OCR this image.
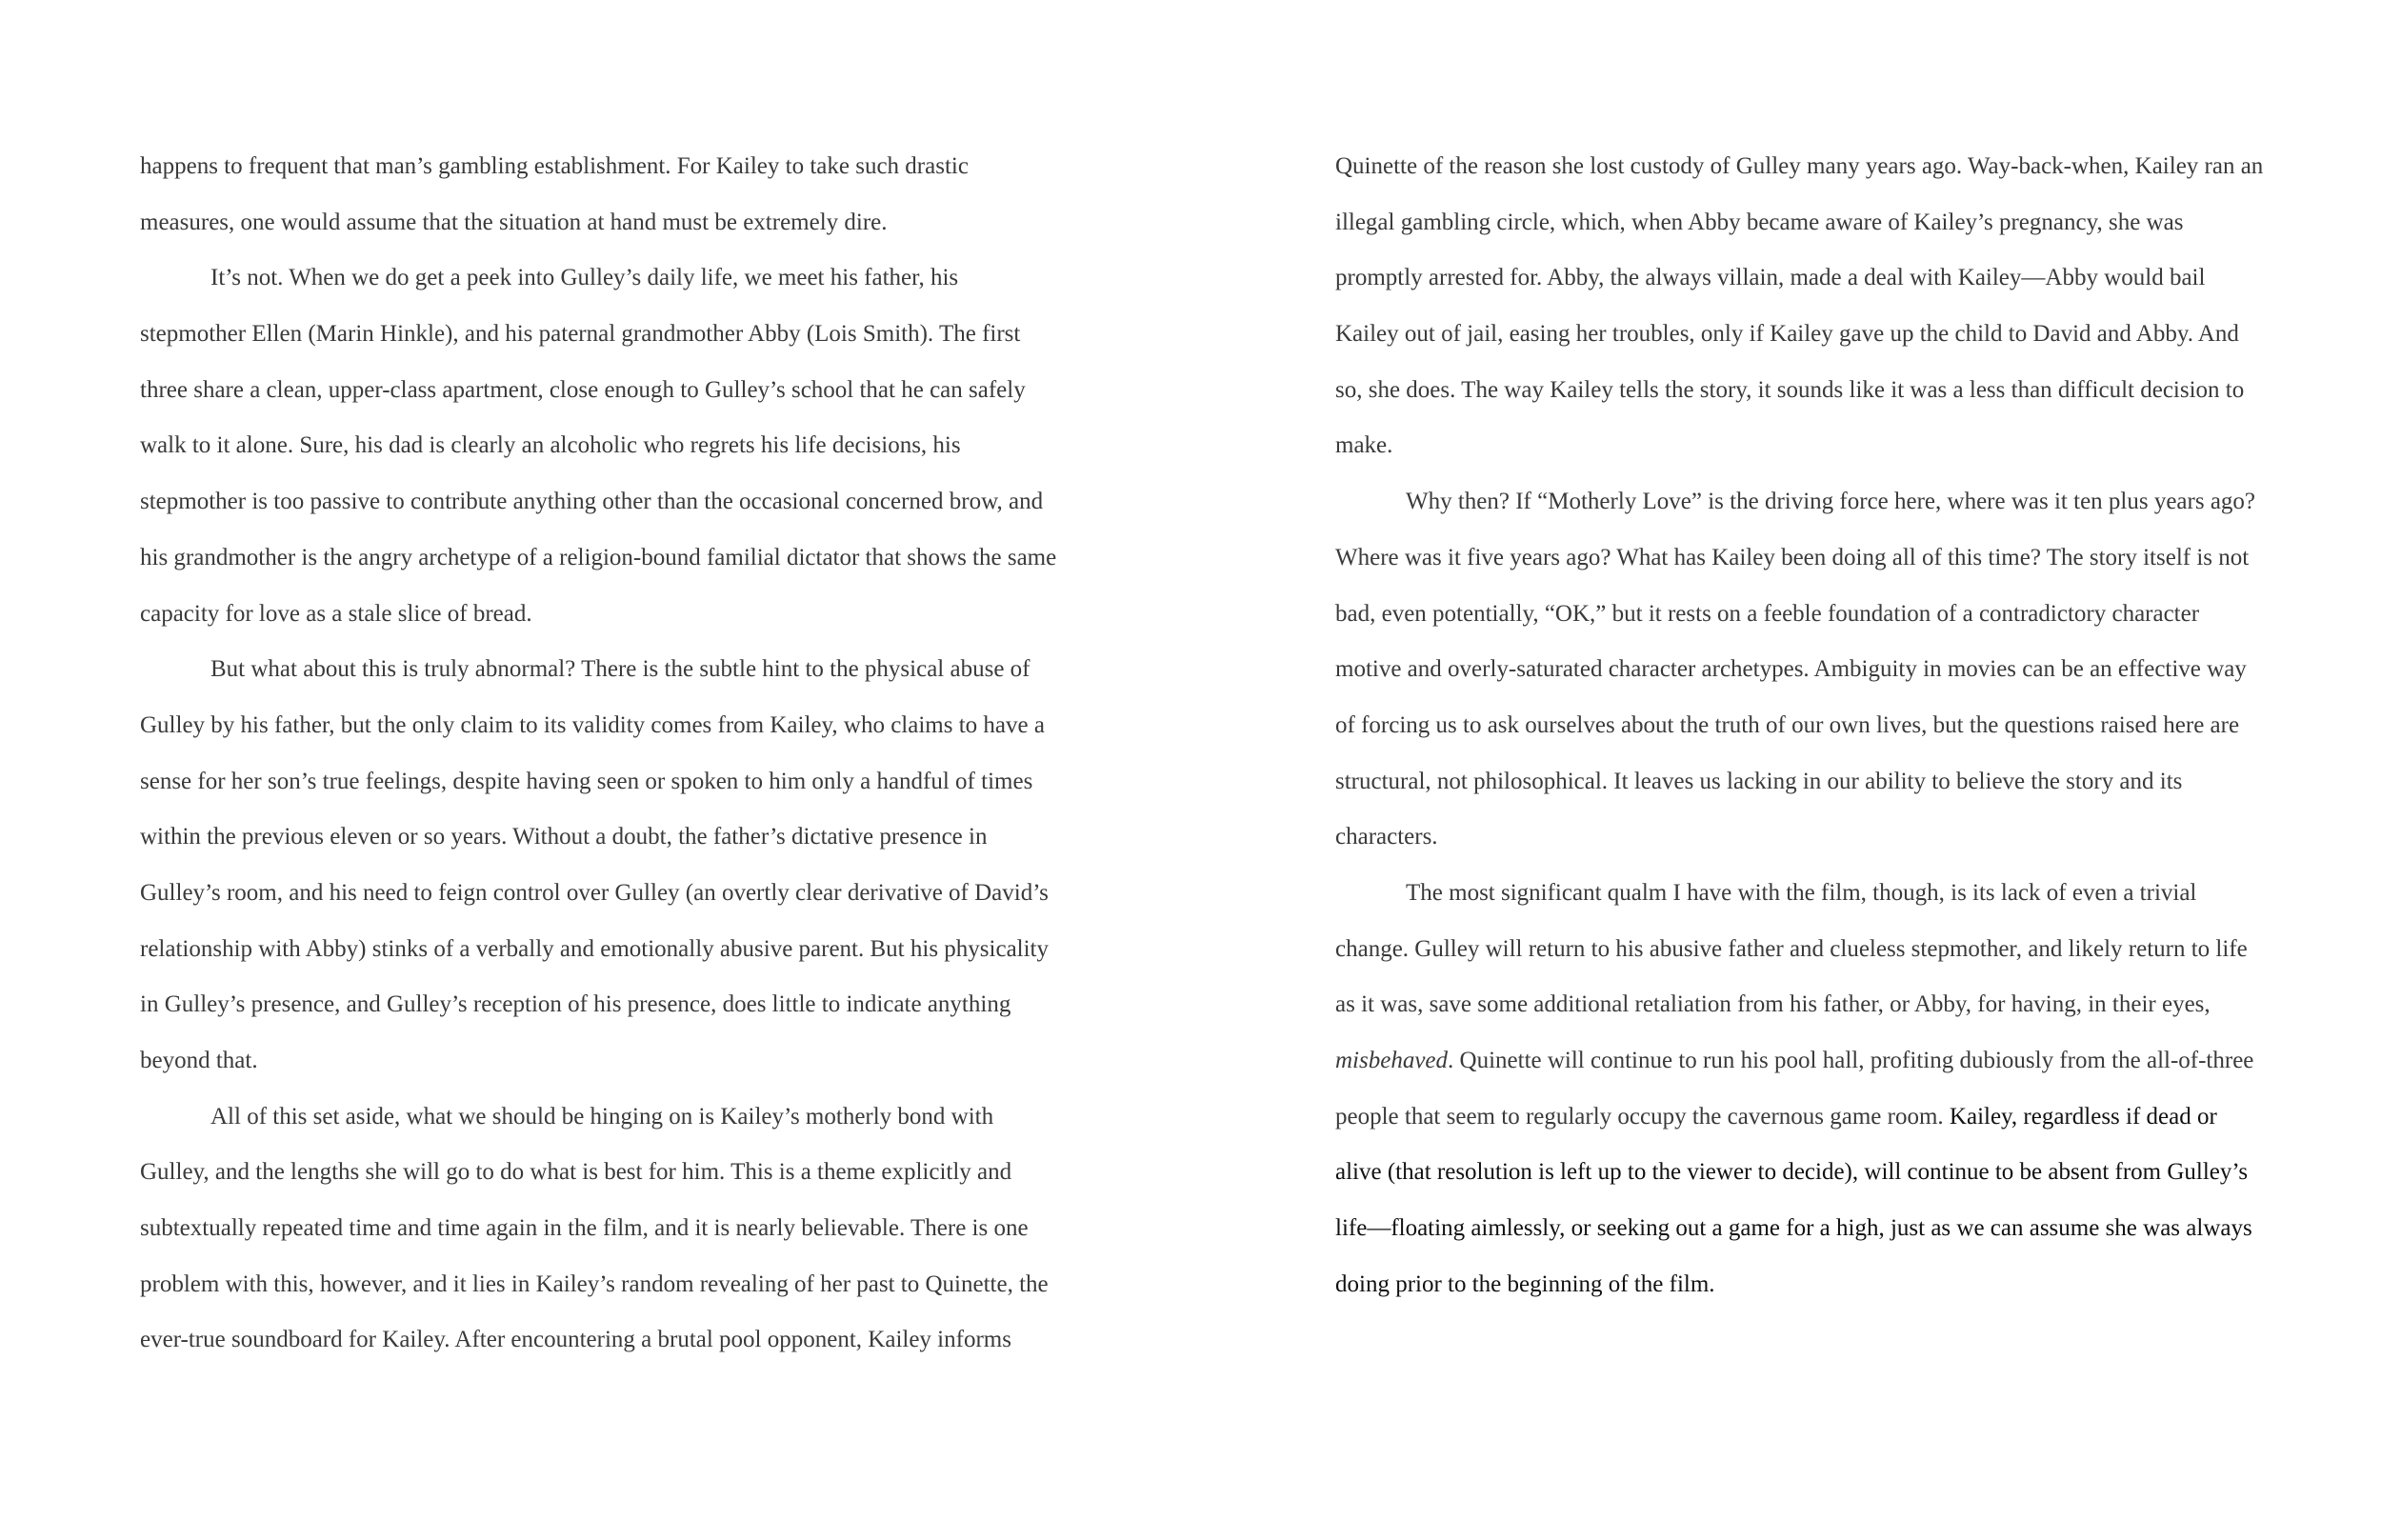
happens to frequent that man’s gambling establishment. For Kailey to take such drastic
measures, one would assume that the situation at hand must be extremely dire.
It’s not. When we do get a peek into Gulley’s daily life, we meet his father, his
stepmother Ellen (Marin Hinkle), and his paternal grandmother Abby (Lois Smith). The first
three share a clean, upper-class apartment, close enough to Gulley’s school that he can safely
walk to it alone. Sure, his dad is clearly an alcoholic who regrets his life decisions, his
stepmother is too passive to contribute anything other than the occasional concerned brow, and
his grandmother is the angry archetype of a religion-bound familial dictator that shows the same
capacity for love as a stale slice of bread.
But what about this is truly abnormal? There is the subtle hint to the physical abuse of
Gulley by his father, but the only claim to its validity comes from Kailey, who claims to have a
sense for her son’s true feelings, despite having seen or spoken to him only a handful of times
within the previous eleven or so years. Without a doubt, the father’s dictative presence in
Gulley’s room, and his need to feign control over Gulley (an overtly clear derivative of David’s
relationship with Abby) stinks of a verbally and emotionally abusive parent. But his physicality
in Gulley’s presence, and Gulley’s reception of his presence, does little to indicate anything
beyond that.
All of this set aside, what we should be hinging on is Kailey’s motherly bond with
Gulley, and the lengths she will go to do what is best for him. This is a theme explicitly and
subtextually repeated time and time again in the film, and it is nearly believable. There is one
problem with this, however, and it lies in Kailey’s random revealing of her past to Quinette, the
ever-true soundboard for Kailey. After encountering a brutal pool opponent, Kailey informs
Quinette of the reason she lost custody of Gulley many years ago. Way-back-when, Kailey ran an
illegal gambling circle, which, when Abby became aware of Kailey’s pregnancy, she was
promptly arrested for. Abby, the always villain, made a deal with Kailey—Abby would bail
Kailey out of jail, easing her troubles, only if Kailey gave up the child to David and Abby. And
so, she does. The way Kailey tells the story, it sounds like it was a less than difficult decision to
make.
Why then? If “Motherly Love” is the driving force here, where was it ten plus years ago?
Where was it five years ago? What has Kailey been doing all of this time? The story itself is not
bad, even potentially, “OK,” but it rests on a feeble foundation of a contradictory character
motive and overly-saturated character archetypes. Ambiguity in movies can be an effective way
of forcing us to ask ourselves about the truth of our own lives, but the questions raised here are
structural, not philosophical. It leaves us lacking in our ability to believe the story and its
characters.
The most significant qualm I have with the film, though, is its lack of even a trivial
change. Gulley will return to his abusive father and clueless stepmother, and likely return to life
as it was, save some additional retaliation from his father, or Abby, for having, in their eyes,
misbehaved. Quinette will continue to run his pool hall, profiting dubiously from the all-of-three
people that seem to regularly occupy the cavernous game room. Kailey, regardless if dead or
alive (that resolution is left up to the viewer to decide), will continue to be absent from Gulley’s
life—floating aimlessly, or seeking out a game for a high, just as we can assume she was always
doing prior to the beginning of the film.
